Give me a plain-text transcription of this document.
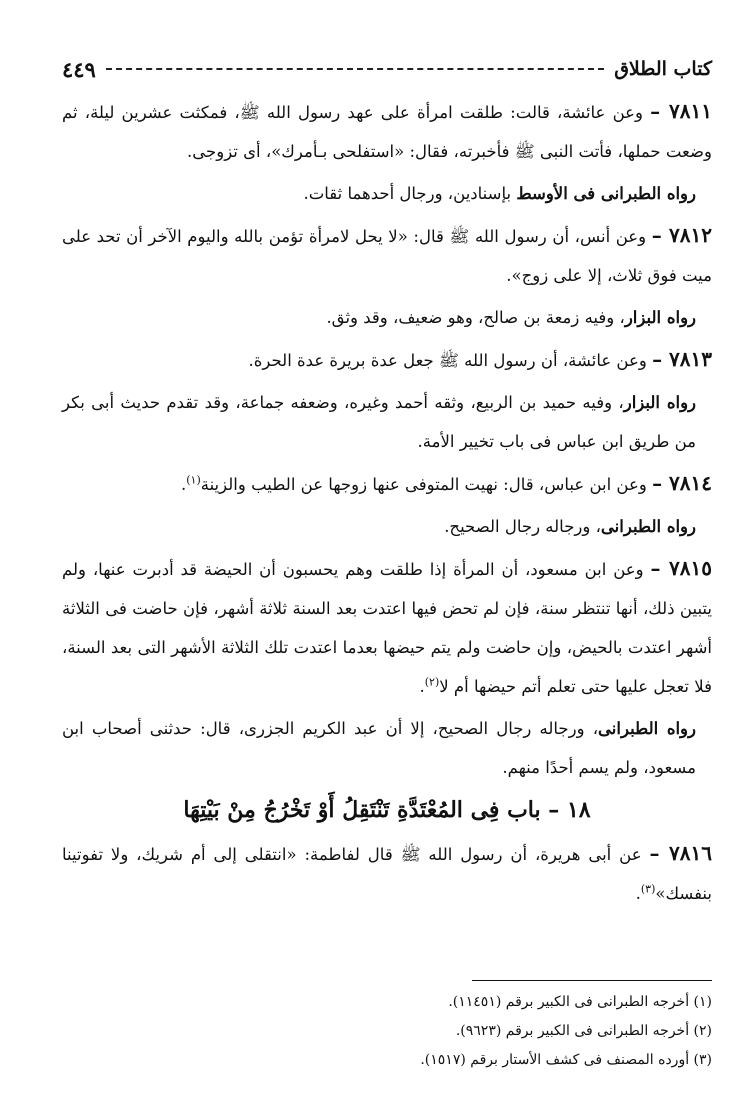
كتاب الطلاق
٤٤٩

٧٨١١ – وعن عائشة، قالت: طلقت امرأة على عهد رسول الله ﷺ، فمكثت عشرين ليلة، ثم وضعت حملها، فأتت النبى ﷺ فأخبرته، فقال: «استفلحى بـأمرك»، أى تزوجى.

رواه الطبرانى فى الأوسط بإسنادين، ورجال أحدهما ثقات.

٧٨١٢ – وعن أنس، أن رسول الله ﷺ قال: «لا يحل لامرأة تؤمن بالله واليوم الآخر أن تحد على ميت فوق ثلاث، إلا على زوج».

رواه البزار، وفيه زمعة بن صالح، وهو ضعيف، وقد وثق.

٧٨١٣ – وعن عائشة، أن رسول الله ﷺ جعل عدة بريرة عدة الحرة.

رواه البزار، وفيه حميد بن الربيع، وثقه أحمد وغيره، وضعفه جماعة، وقد تقدم حديث أبى بكر من طريق ابن عباس فى باب تخيير الأمة.

٧٨١٤ – وعن ابن عباس، قال: نهيت المتوفى عنها زوجها عن الطيب والزينة$^{(١)}$.

رواه الطبرانى، ورجاله رجال الصحيح.

٧٨١٥ – وعن ابن مسعود، أن المرأة إذا طلقت وهم يحسبون أن الحيضة قد أدبرت عنها، ولم يتبين ذلك، أنها تنتظر سنة، فإن لم تحض فيها اعتدت بعد السنة ثلاثة أشهر، فإن حاضت فى الثلاثة أشهر اعتدت بالحيض، وإن حاضت ولم يتم حيضها بعدما اعتدت تلك الثلاثة الأشهر التى بعد السنة، فلا تعجل عليها حتى تعلم أتم حيضها أم لا$^{(٢)}$.

رواه الطبرانى، ورجاله رجال الصحيح، إلا أن عبد الكريم الجزرى، قال: حدثنى أصحاب ابن مسعود، ولم يسم أحدًا منهم.

١٨ – باب فِى المُعْتَدَّةِ تَنْتَقِلُ أَوْ تَخْرُجُ مِنْ بَيْتِهَا

٧٨١٦ – عن أبى هريرة، أن رسول الله ﷺ قال لفاطمة: «انتقلى إلى أم شريك، ولا تفوتينا بنفسك»$^{(٣)}$.

(١) أخرجه الطبرانى فى الكبير برقم (١١٤٥١).
(٢) أخرجه الطبرانى فى الكبير برقم (٩٦٢٣).
(٣) أورده المصنف فى كشف الأستار برقم (١٥١٧).
